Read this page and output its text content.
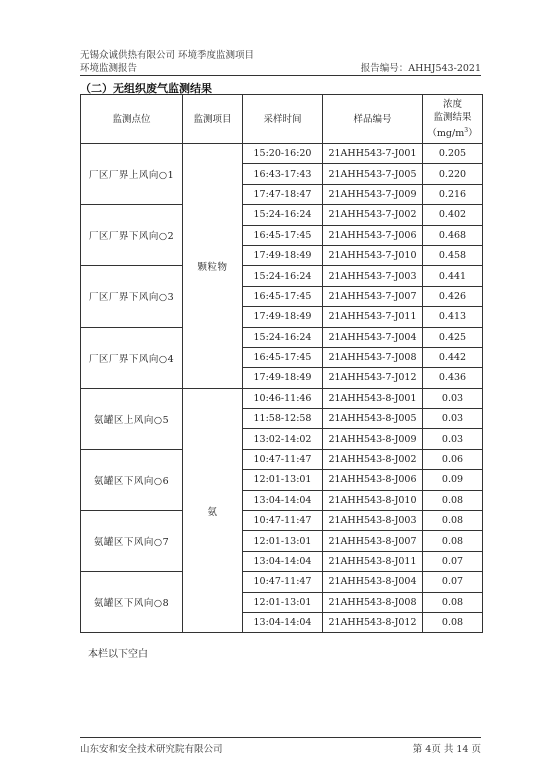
无锡众诚供热有限公司 环境季度监测项目
环境监测报告	报告编号：AHHJ543-2021
（二）无组织废气监测结果
监测点位	监测项目	采样时间	样品编号	浓度
监测结果
$(mg/m^3)$

厂区厂界上风向○1	颗粒物	15:20-16:20	21AHH543-7-J001	0.205
		16:43-17:43	21AHH543-7-J005	0.220
		17:47-18:47	21AHH543-7-J009	0.216
厂区厂界下风向○2		15:24-16:24	21AHH543-7-J002	0.402
		16:45-17:45	21AHH543-7-J006	0.468
		17:49-18:49	21AHH543-7-J010	0.458
厂区厂界下风向○3		15:24-16:24	21AHH543-7-J003	0.441
		16:45-17:45	21AHH543-7-J007	0.426
		17:49-18:49	21AHH543-7-J011	0.413
厂区厂界下风向○4		15:24-16:24	21AHH543-7-J004	0.425
		16:45-17:45	21AHH543-7-J008	0.442
		17:49-18:49	21AHH543-7-J012	0.436
氨罐区上风向○5	氨	10:46-11:46	21AHH543-8-J001	0.03
		11:58-12:58	21AHH543-8-J005	0.03
		13:02-14:02	21AHH543-8-J009	0.03
氨罐区下风向○6		10:47-11:47	21AHH543-8-J002	0.06
		12:01-13:01	21AHH543-8-J006	0.09
		13:04-14:04	21AHH543-8-J010	0.08
氨罐区下风向○7		10:47-11:47	21AHH543-8-J003	0.08
		12:01-13:01	21AHH543-8-J007	0.08
		13:04-14:04	21AHH543-8-J011	0.07
氨罐区下风向○8		10:47-11:47	21AHH543-8-J004	0.07
		12:01-13:01	21AHH543-8-J008	0.08
		13:04-14:04	21AHH543-8-J012	0.08
本栏以下空白
山东安和安全技术研究院有限公司	第 4页 共 14 页
